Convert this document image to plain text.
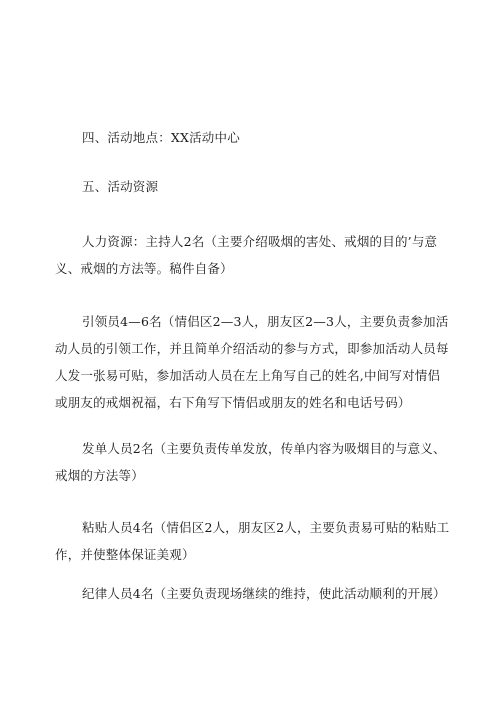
四、活动地点：XX活动中心

五、活动资源

人力资源：主持人2名（主要介绍吸烟的害处、戒烟的目的’与意义、戒烟的方法等。稿件自备）

引领员4—6名（情侣区2—3人，朋友区2—3人，主要负责参加活动人员的引领工作，并且简单介绍活动的参与方式，即参加活动人员每人发一张易可贴，参加活动人员在左上角写自己的姓名,中间写对情侣或朋友的戒烟祝福，右下角写下情侣或朋友的姓名和电话号码）

发单人员2名（主要负责传单发放，传单内容为吸烟目的与意义、戒烟的方法等）

粘贴人员4名（情侣区2人，朋友区2人，主要负责易可贴的粘贴工作，并使整体保证美观）

纪律人员4名（主要负责现场继续的维持，使此活动顺利的开展）
